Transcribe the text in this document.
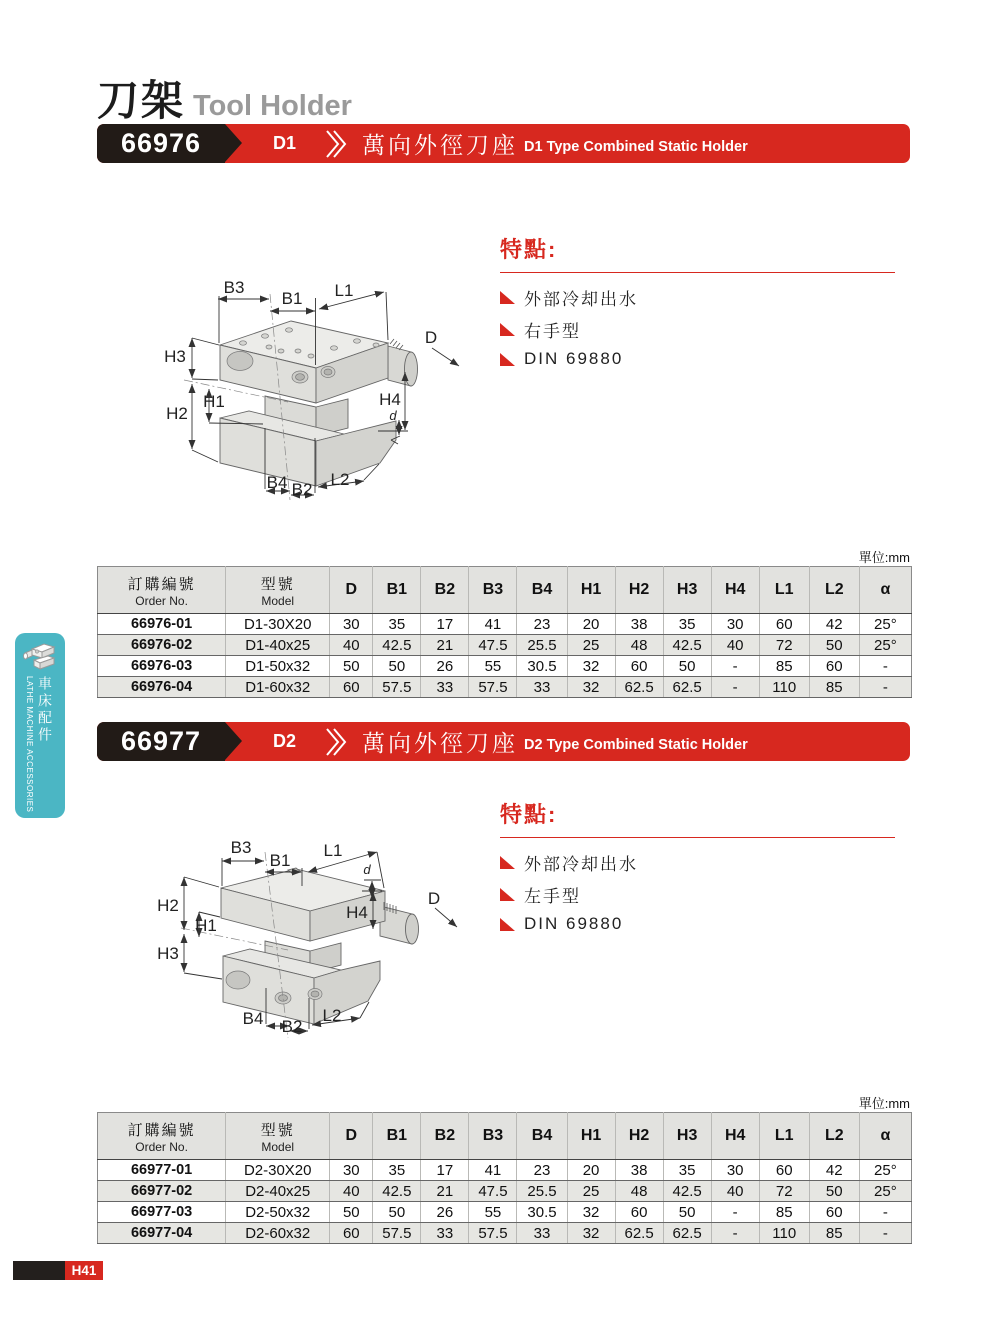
LATHE MACHINE ACCESSORIES 車床配件
刀架 Tool Holder
66976	D1	萬向外徑刀座 D1 Type Combined Static Holder
B3
B1 L1
D
H3
H2
H1	H4
d
B4 B2
L2
特點:
外部冷却出水
右手型
DIN 69880
單位:mm
訂購編號
Order No.	型號
Model	D	B1	B2	B3	B4	H1	H2	H3	H4	L1	L2	α
66976-01	D1-30X20	30	35	17	41	23	20	38	35	30	60	42	25°
66976-02	D1-40x25	40	42.5	21	47.5	25.5	25	48	42.5	40	72	50	25°
66976-03	D1-50x32	50	50	26	55	30.5	32	60	50	-	85	60	-
66976-04	D1-60x32	60	57.5	33	57.5	33	32	62.5	62.5	-	110	85	-
66977	D2	萬向外徑刀座 D2 Type Combined Static Holder
B3
B1
L1
d
H2
H1
H4
D
H3
B4 B2
L2
特點:
外部冷却出水
左手型
DIN 69880
單位:mm
訂購編號
Order No.	型號
Model	D	B1	B2	B3	B4	H1	H2	H3	H4	L1	L2	α
66977-01	D2-30X20	30	35	17	41	23	20	38	35	30	60	42	25°
66977-02	D2-40x25	40	42.5	21	47.5	25.5	25	48	42.5	40	72	50	25°
66977-03	D2-50x32	50	50	26	55	30.5	32	60	50	-	85	60	-
66977-04	D2-60x32	60	57.5	33	57.5	33	32	62.5	62.5	-	110	85	-
H41
